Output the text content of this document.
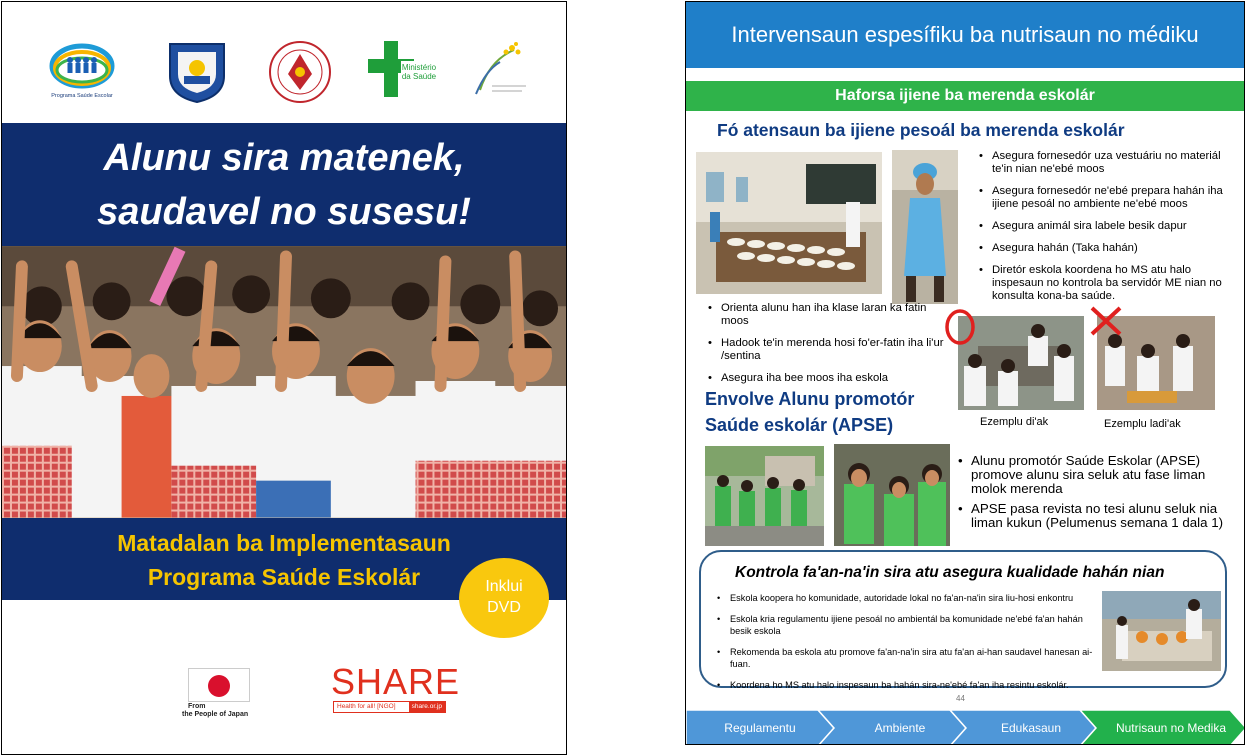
Programa Saúde Escolar
Ministério
da Saúde
Alunu sira matenek,
saudavel no susesu!
Matadalan ba Implementasaun
Programa Saúde Eskolár	Inklui
DVD
From
the People of Japan
SHARE
Health for all! [NGO]	share.or.jp
Intervensaun espesífiku ba nutrisaun no médiku
Haforsa ijiene ba merenda eskolár
Fó atensaun ba ijiene pesoál ba merenda eskolár
• Asegura fornesedór uza vestuáriu no materiál te'in nian ne'ebé moos
• Asegura fornesedór ne'ebé prepara hahán iha ijiene pesoál no ambiente ne'ebé moos
• Asegura animál sira labele besik dapur
• Asegura hahán (Taka hahán)
• Diretór eskola koordena ho MS atu halo inspesaun no kontrola ba servidór ME nian no konsulta kona-ba saúde.
• Orienta alunu han iha klase laran ka fatin moos
• Hadook te'in merenda hosi fo'er-fatin iha li'ur /sentina
• Asegura iha bee moos iha eskola
Ezemplu di'ak	Ezemplu ladi'ak
Envolve Alunu promotór
Saúde eskolár (APSE)
• Alunu promotór Saúde Eskolar (APSE) promove alunu sira seluk atu fase liman molok merenda
• APSE pasa revista no tesi alunu seluk nia liman kukun (Pelumenus semana 1 dala 1)
Kontrola fa'an-na'in sira atu asegura kualidade hahán nian
• Eskola koopera ho komunidade, autoridade lokal no fa'an-na'in sira liu-hosi enkontru
• Eskola kria regulamentu ijiene pesoál no ambientál ba komunidade ne'ebé fa'an hahán besik eskola
• Rekomenda ba eskola atu promove fa'an-na'in sira atu fa'an ai-han saudavel hanesan ai-fuan.
• Koordena ho MS atu halo inspesaun ba hahán sira-ne'ebé fa'an iha resintu eskolár.
44
Regulamentu	Ambiente	Edukasaun	Nutrisaun no Medika
